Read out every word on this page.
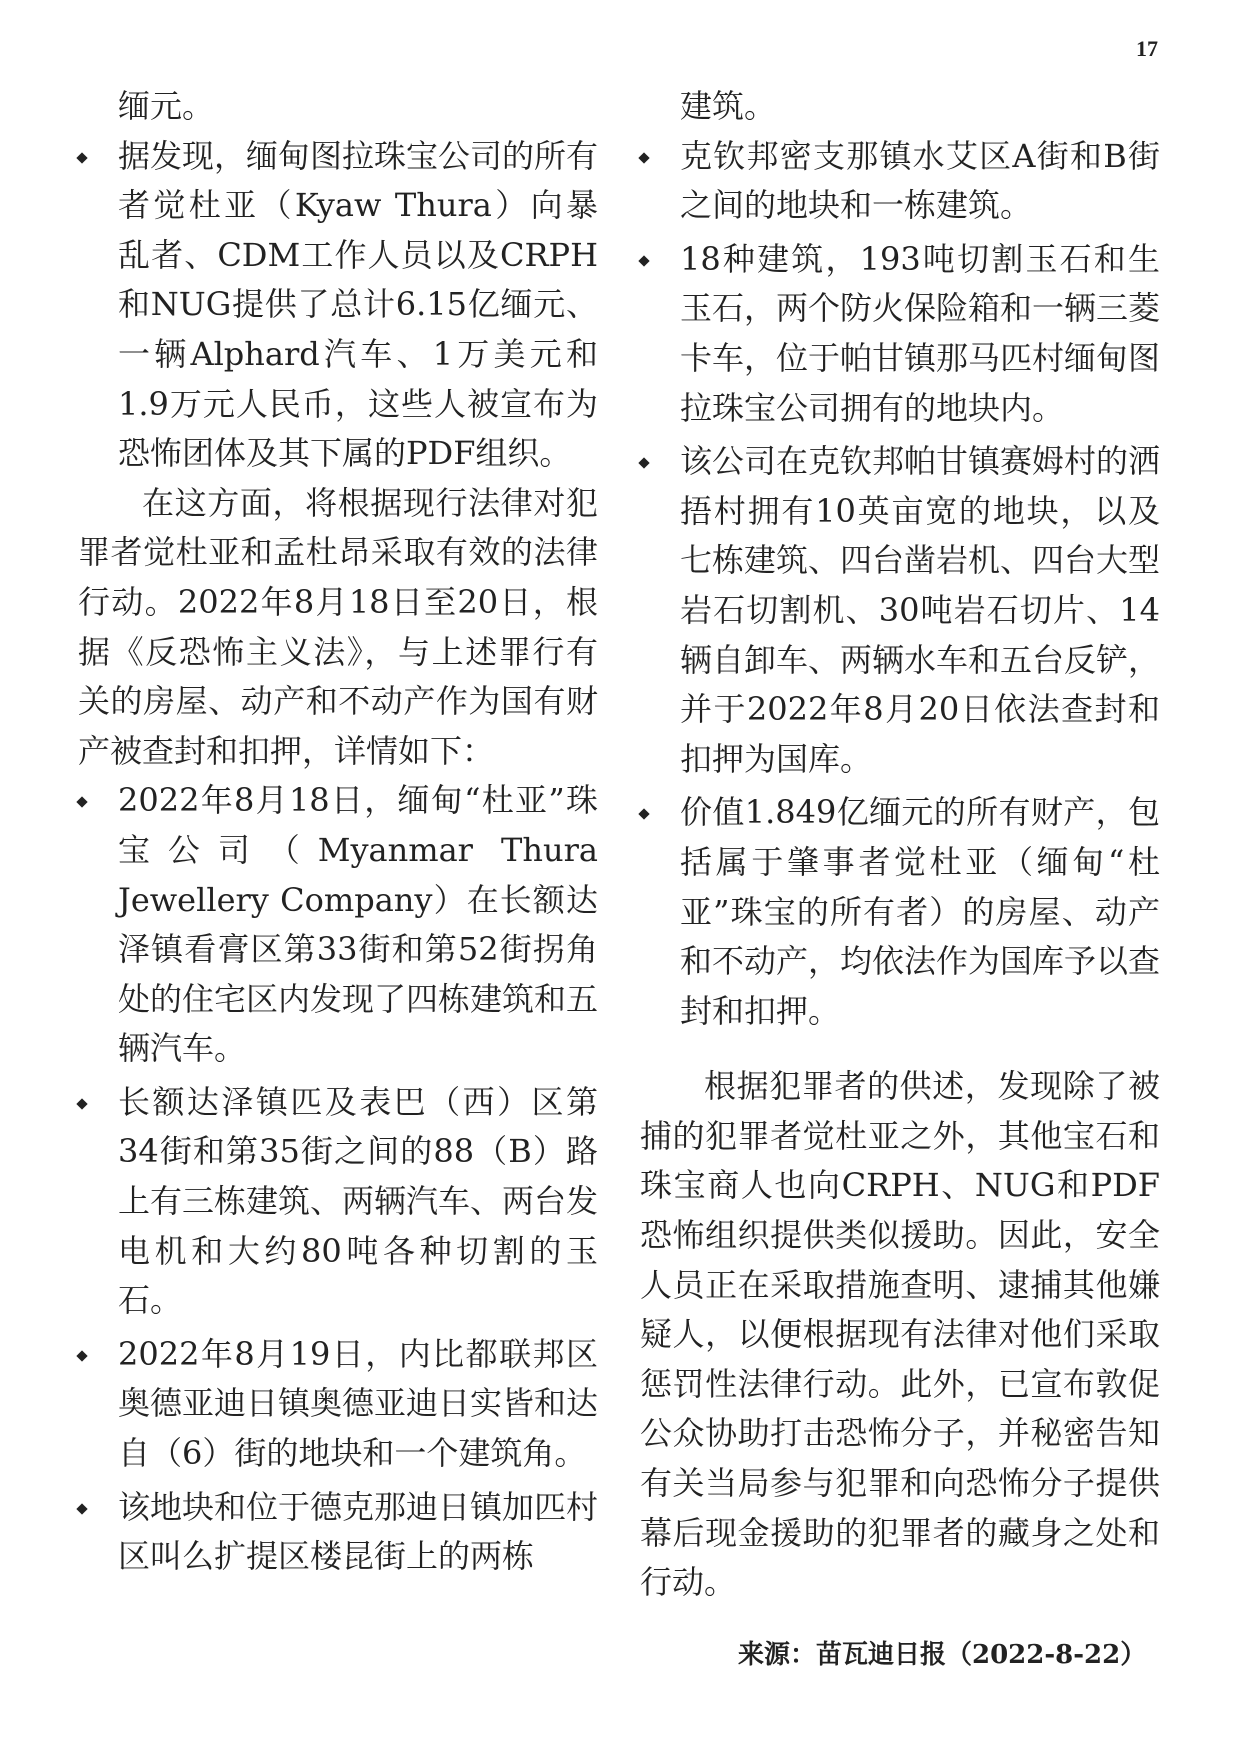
17

缅元。

据发现，缅甸图拉珠宝公司的所有者觉杜亚（Kyaw Thura）向暴乱者、CDM工作人员以及CRPH和NUG提供了总计6.15亿缅元、一辆Alphard汽车、1万美元和1.9万元人民币，这些人被宣布为恐怖团体及其下属的PDF组织。

在这方面，将根据现行法律对犯罪者觉杜亚和孟杜昂采取有效的法律行动。2022年8月18日至20日，根据《反恐怖主义法》，与上述罪行有关的房屋、动产和不动产作为国有财产被查封和扣押，详情如下：

2022年8月18日，缅甸“杜亚”珠宝公司（Myanmar Thura Jewellery Company）在长额达泽镇看膏区第33街和第52街拐角处的住宅区内发现了四栋建筑和五辆汽车。
长额达泽镇匹及表巴（西）区第34街和第35街之间的88（B）路上有三栋建筑、两辆汽车、两台发电机和大约80吨各种切割的玉石。
2022年8月19日，内比都联邦区奥德亚迪日镇奥德亚迪日实皆和达自（6）街的地块和一个建筑角。
该地块和位于德克那迪日镇加匹村区叫么扩提区楼昆街上的两栋

建筑。

克钦邦密支那镇水艾区A街和B街之间的地块和一栋建筑。
18种建筑，193吨切割玉石和生玉石，两个防火保险箱和一辆三菱卡车，位于帕甘镇那马匹村缅甸图拉珠宝公司拥有的地块内。
该公司在克钦邦帕甘镇赛姆村的洒捂村拥有10英亩宽的地块，以及七栋建筑、四台凿岩机、四台大型岩石切割机、30吨岩石切片、14辆自卸车、两辆水车和五台反铲，并于2022年8月20日依法查封和扣押为国库。
价值1.849亿缅元的所有财产，包括属于肇事者觉杜亚（缅甸“杜亚”珠宝的所有者）的房屋、动产和不动产，均依法作为国库予以查封和扣押。

根据犯罪者的供述，发现除了被捕的犯罪者觉杜亚之外，其他宝石和珠宝商人也向CRPH、NUG和PDF恐怖组织提供类似援助。因此，安全人员正在采取措施查明、逮捕其他嫌疑人，以便根据现有法律对他们采取惩罚性法律行动。此外，已宣布敦促公众协助打击恐怖分子，并秘密告知有关当局参与犯罪和向恐怖分子提供幕后现金援助的犯罪者的藏身之处和行动。

来源：苗瓦迪日报（2022-8-22）
